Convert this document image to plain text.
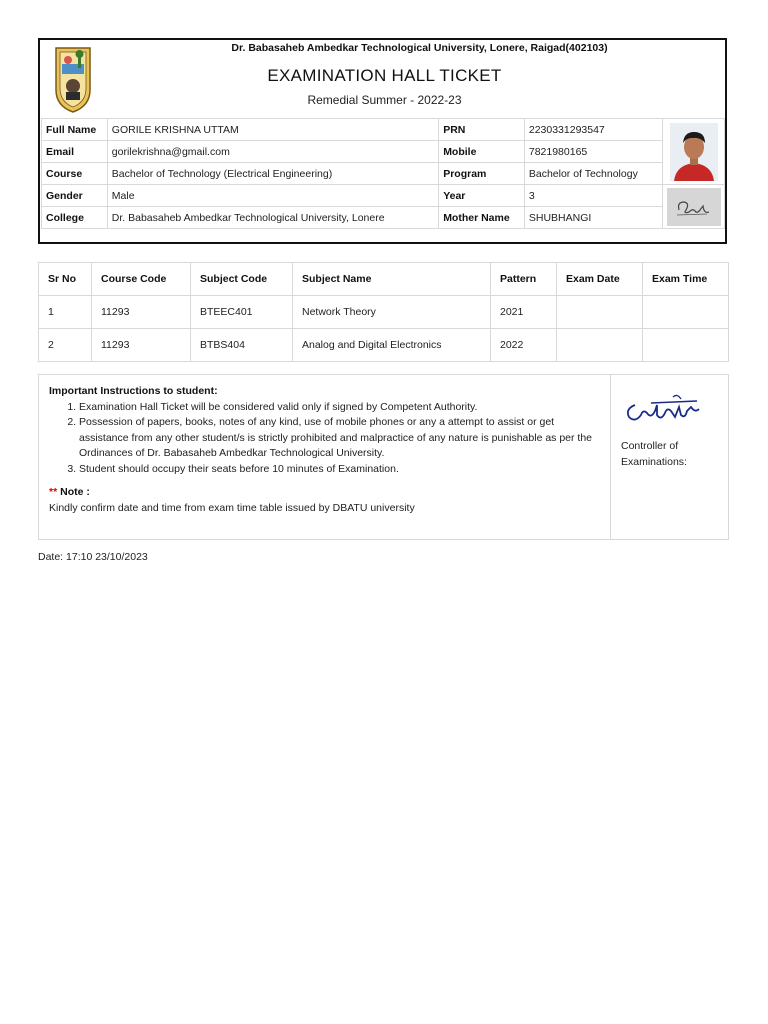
Dr. Babasaheb Ambedkar Technological University, Lonere, Raigad(402103)
EXAMINATION HALL TICKET
Remedial Summer - 2022-23
Full Name	GORILE KRISHNA UTTAM	PRN	2230331293547	

Email	gorilekrishna@gmail.com	Mobile	7821980165	
Course	Bachelor of Technology (Electrical Engineering)	Program	Bachelor of Technology	
Gender	Male	Year	3	

College	Dr. Babasaheb Ambedkar Technological University, Lonere	Mother Name	SHUBHANGI	
Sr No	Course Code	Subject Code	Subject Name	Pattern	Exam Date	Exam Time
1	11293	BTEEC401	Network Theory	2021		
2	11293	BTBS404	Analog and Digital Electronics	2022		
Important Instructions to student:
1. Examination Hall Ticket will be considered valid only if signed by Competent Authority.
2. Possession of papers, books, notes of any kind, use of mobile phones or any a attempt to assist or get assistance from any other student/s is strictly prohibited and malpractice of any nature is punishable as per the Ordinances of Dr. Babasaheb Ambedkar Technological University.
3. Student should occupy their seats before 10 minutes of Examination.
** Note :
Kindly confirm date and time from exam time table issued by DBATU university
Controller of
Examinations:
Date: 17:10 23/10/2023
